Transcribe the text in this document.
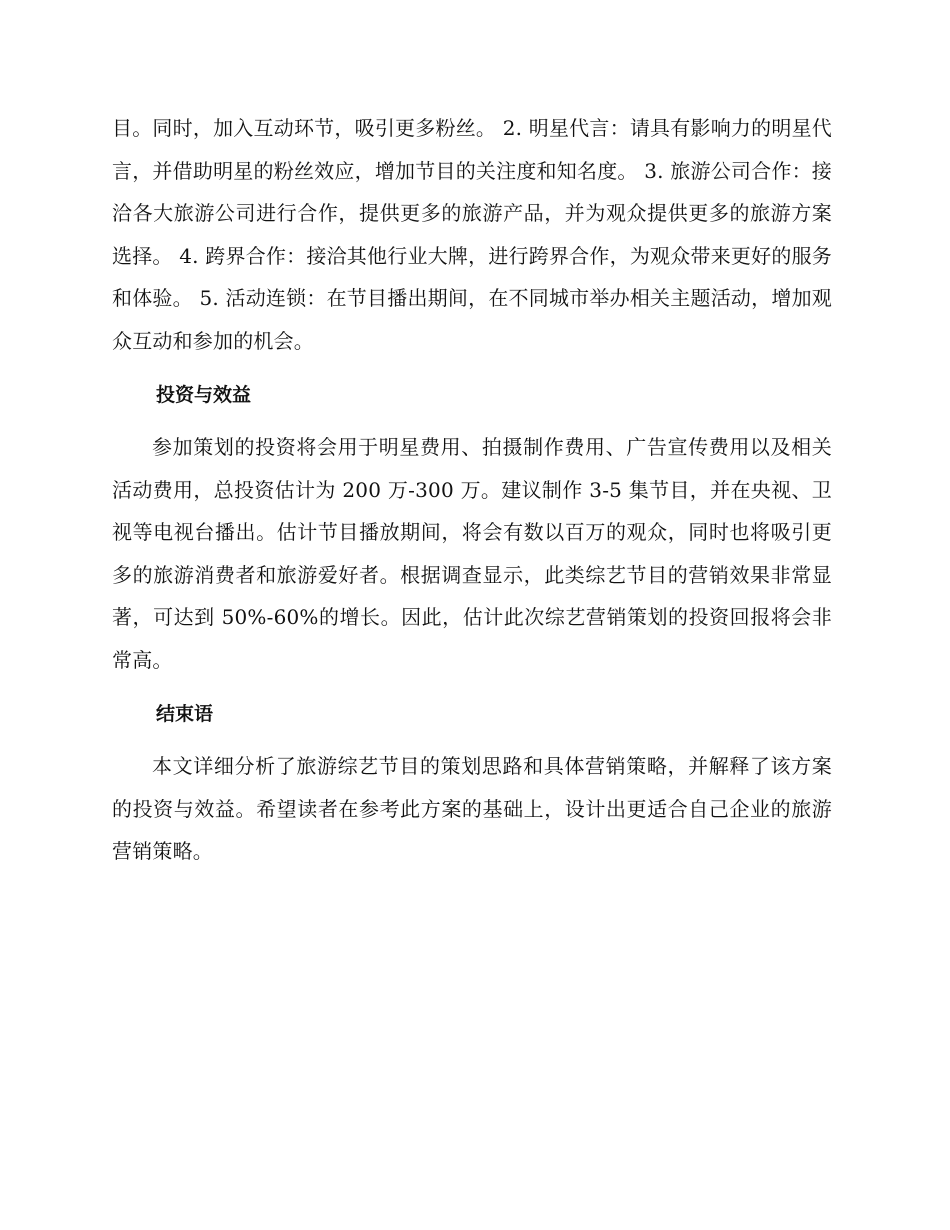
目。同时，加入互动环节，吸引更多粉丝。 2. 明星代言：请具有影响力的明星代言，并借助明星的粉丝效应，增加节目的关注度和知名度。 3. 旅游公司合作：接洽各大旅游公司进行合作，提供更多的旅游产品，并为观众提供更多的旅游方案选择。 4. 跨界合作：接洽其他行业大牌，进行跨界合作，为观众带来更好的服务和体验。 5. 活动连锁：在节目播出期间，在不同城市举办相关主题活动，增加观众互动和参加的机会。

投资与效益

参加策划的投资将会用于明星费用、拍摄制作费用、广告宣传费用以及相关活动费用，总投资估计为 200 万-300 万。建议制作 3-5 集节目，并在央视、卫视等电视台播出。估计节目播放期间，将会有数以百万的观众，同时也将吸引更多的旅游消费者和旅游爱好者。根据调查显示，此类综艺节目的营销效果非常显著，可达到 50%-60%的增长。因此，估计此次综艺营销策划的投资回报将会非常高。

结束语

本文详细分析了旅游综艺节目的策划思路和具体营销策略，并解释了该方案的投资与效益。希望读者在参考此方案的基础上，设计出更适合自己企业的旅游营销策略。
